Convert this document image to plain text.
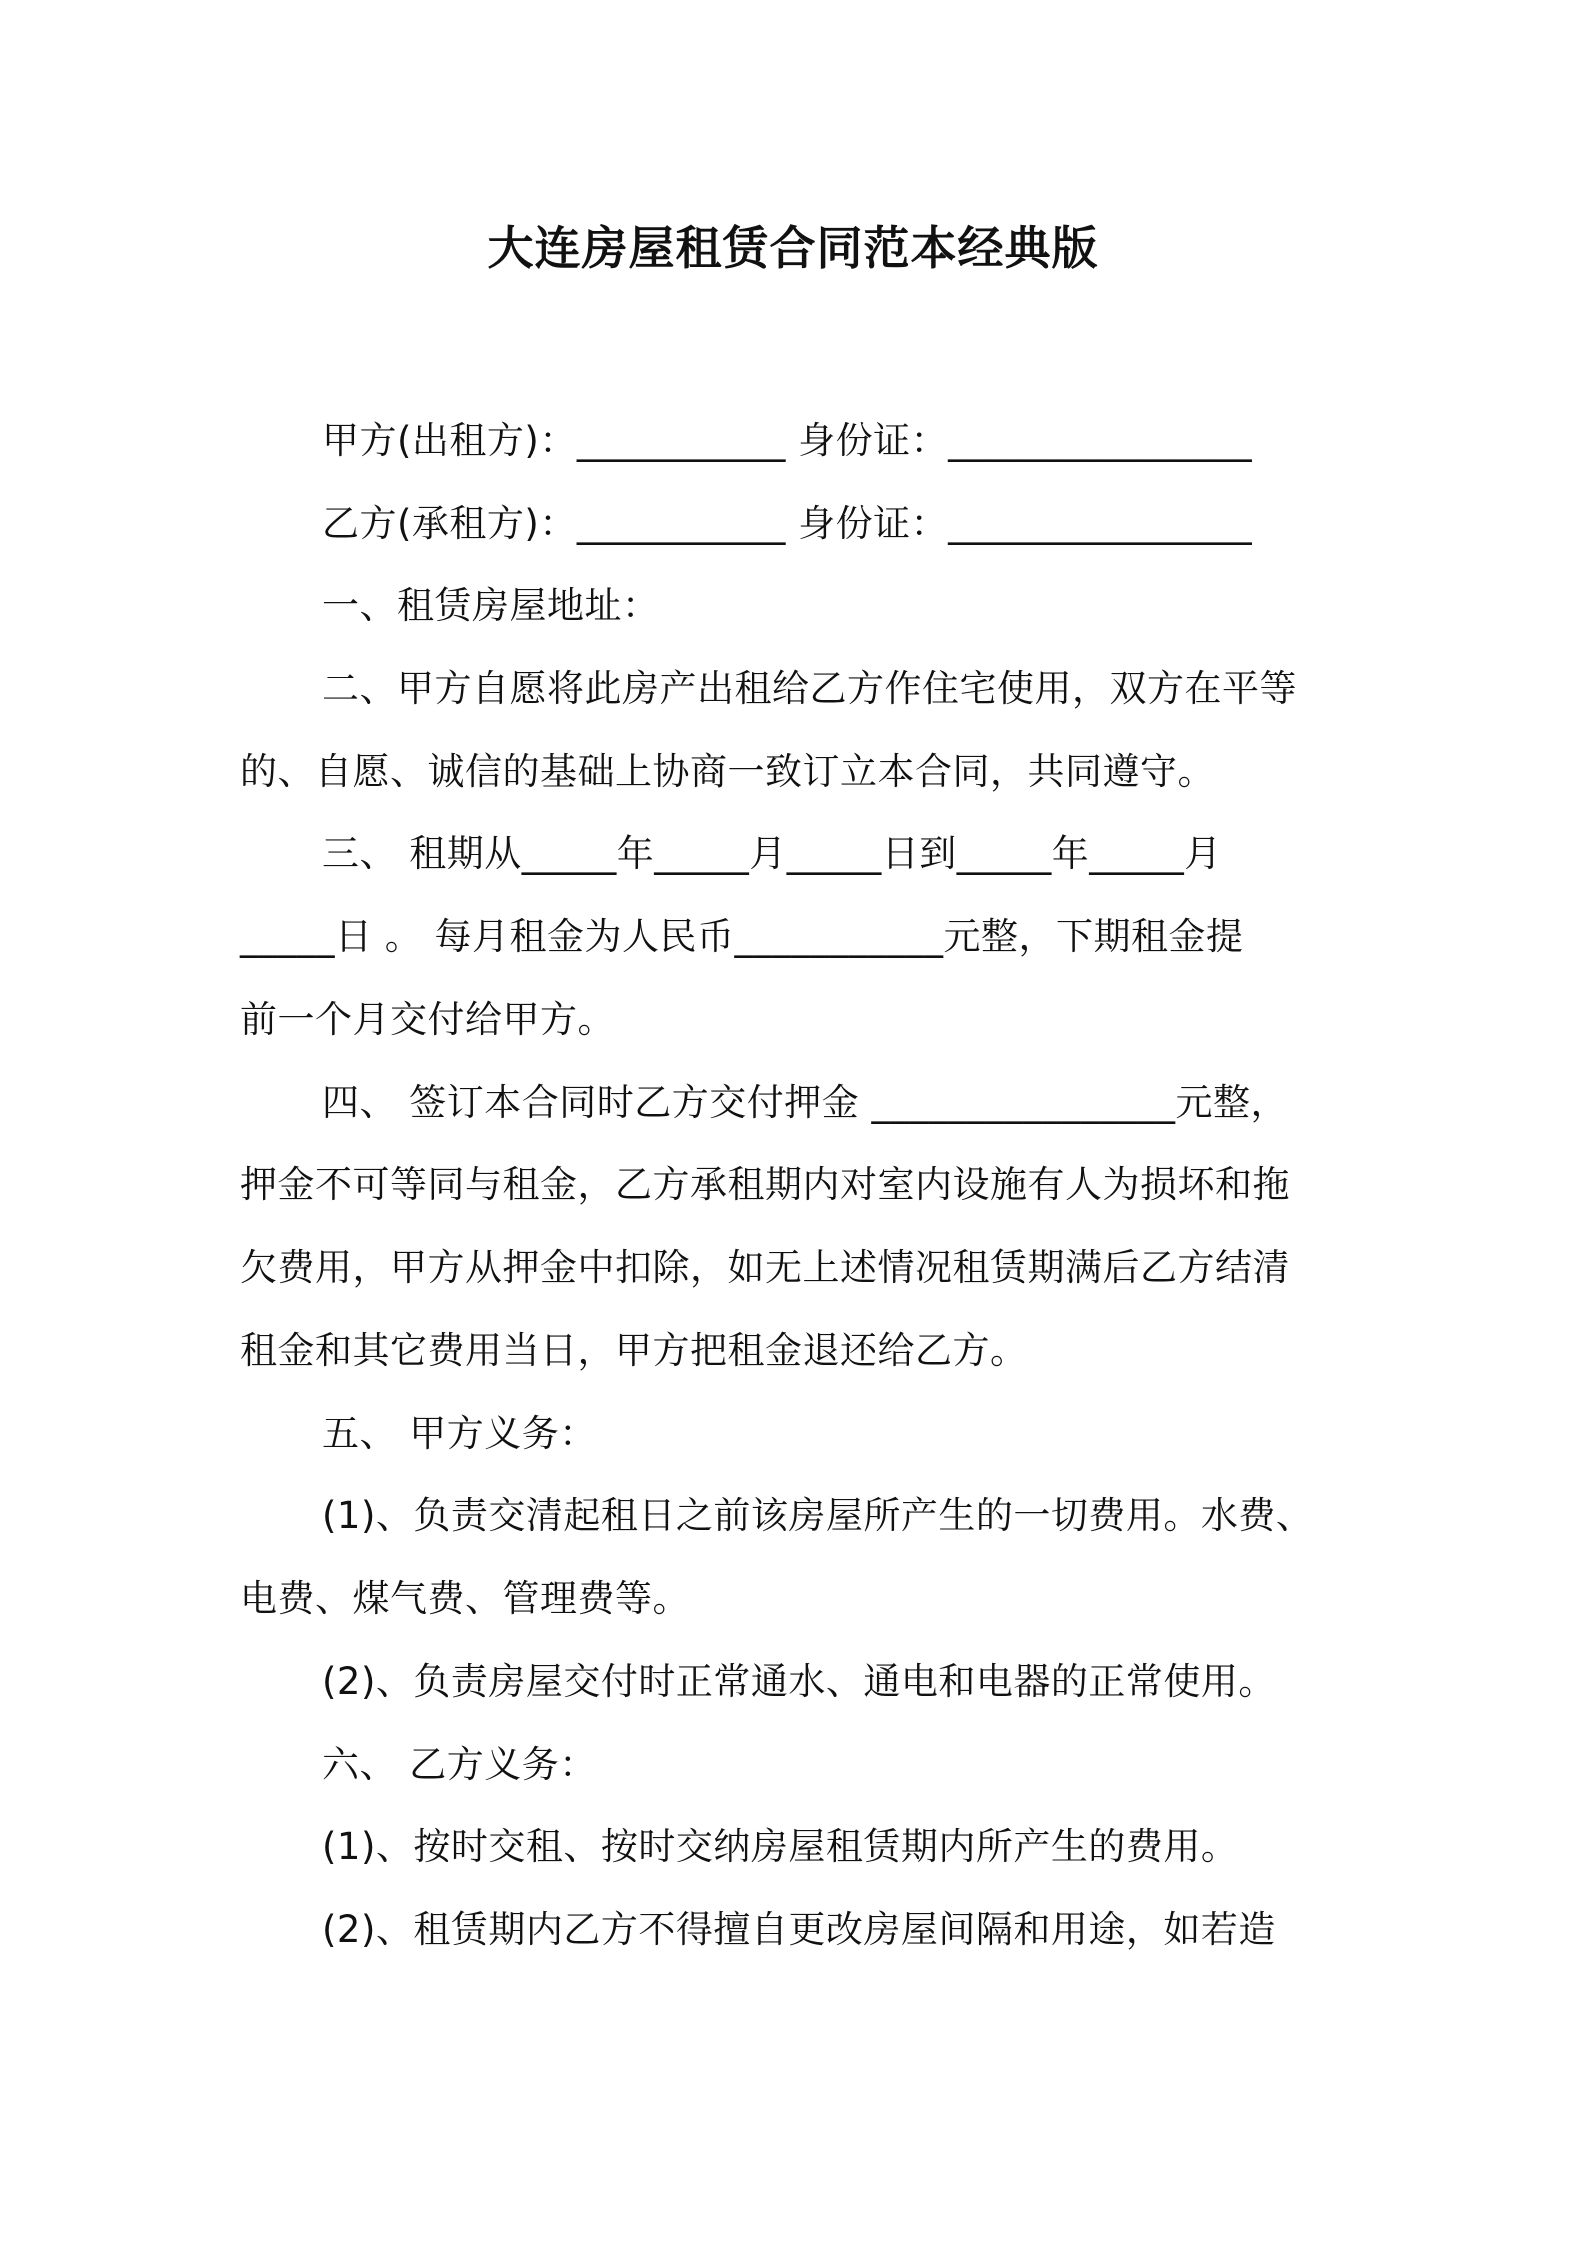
大连房屋租赁合同范本经典版
甲方(出租方)：___________ 身份证：________________
乙方(承租方)：___________ 身份证：________________
一、租赁房屋地址：
二、甲方自愿将此房产出租给乙方作住宅使用，双方在平等
的、自愿、诚信的基础上协商一致订立本合同，共同遵守。
三、 租期从_____年_____月_____日到_____年_____月
_____日 。 每月租金为人民币___________元整，下期租金提
前一个月交付给甲方。
四、 签订本合同时乙方交付押金 ________________元整，
押金不可等同与租金，乙方承租期内对室内设施有人为损坏和拖
欠费用，甲方从押金中扣除，如无上述情况租赁期满后乙方结清
租金和其它费用当日，甲方把租金退还给乙方。
五、 甲方义务：
(1)、负责交清起租日之前该房屋所产生的一切费用。水费、
电费、煤气费、管理费等。
(2)、负责房屋交付时正常通水、通电和电器的正常使用。
六、 乙方义务：
(1)、按时交租、按时交纳房屋租赁期内所产生的费用。
(2)、租赁期内乙方不得擅自更改房屋间隔和用途，如若造
